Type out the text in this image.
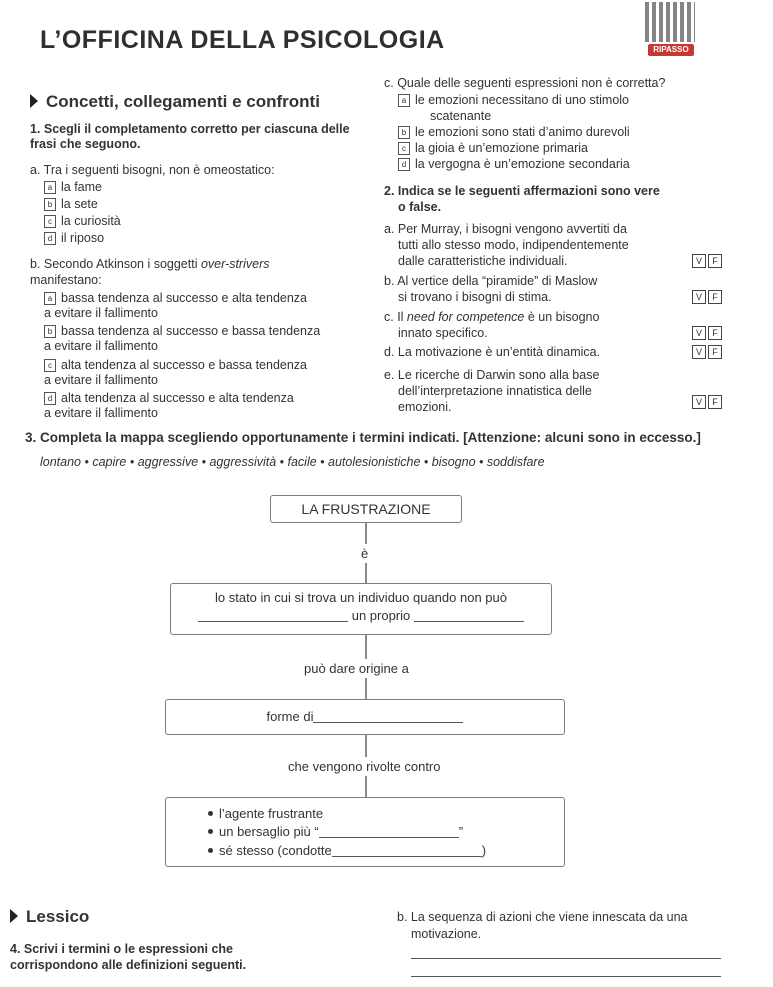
L’OFFICINA DELLA PSICOLOGIA	RIPASSO
Concetti, collegamenti e confronti
1. Scegli il completamento corretto per ciascuna delle frasi che seguono.
a. Tra i seguenti bisogni, non è omeostatico:
a la fame
b la sete
c la curiosità
d il riposo
b. Secondo Atkinson i soggetti over-strivers
manifestano:
a bassa tendenza al successo e alta tendenza
a evitare il fallimento
b bassa tendenza al successo e bassa tendenza
a evitare il fallimento
c alta tendenza al successo e bassa tendenza
a evitare il fallimento
d alta tendenza al successo e alta tendenza
a evitare il fallimento
c. Quale delle seguenti espressioni non è corretta?
a le emozioni necessitano di uno stimolo
scatenante
b le emozioni sono stati d’animo durevoli
c la gioia è un’emozione primaria
d la vergogna è un’emozione secondaria
2. Indica se le seguenti affermazioni sono vere
o false.
a. Per Murray, i bisogni vengono avvertiti da
tutti allo stesso modo, indipendentemente
dalle caratteristiche individuali.	V F
b. Al vertice della “piramide” di Maslow
si trovano i bisogni di stima.	V F
c. Il need for competence è un bisogno
innato specifico.	V F
d. La motivazione è un’entità dinamica.	V F
e. Le ricerche di Darwin sono alla base
dell’interpretazione innatistica delle
emozioni.	V F
3. Completa la mappa scegliendo opportunamente i termini indicati. [Attenzione: alcuni sono in eccesso.]
lontano • capire • aggressive • aggressività • facile • autolesionistiche • bisogno • soddisfare
LA FRUSTRAZIONE
è
lo stato in cui si trova un individuo quando non può
un proprio
può dare origine a
forme di
che vengono rivolte contro
l’agente frustrante
un bersaglio più “	”
sé stesso (condotte	)
Lessico
4. Scrivi i termini o le espressioni che
corrispondono alle definizioni seguenti.
b. La sequenza di azioni che viene innescata da una
motivazione.
